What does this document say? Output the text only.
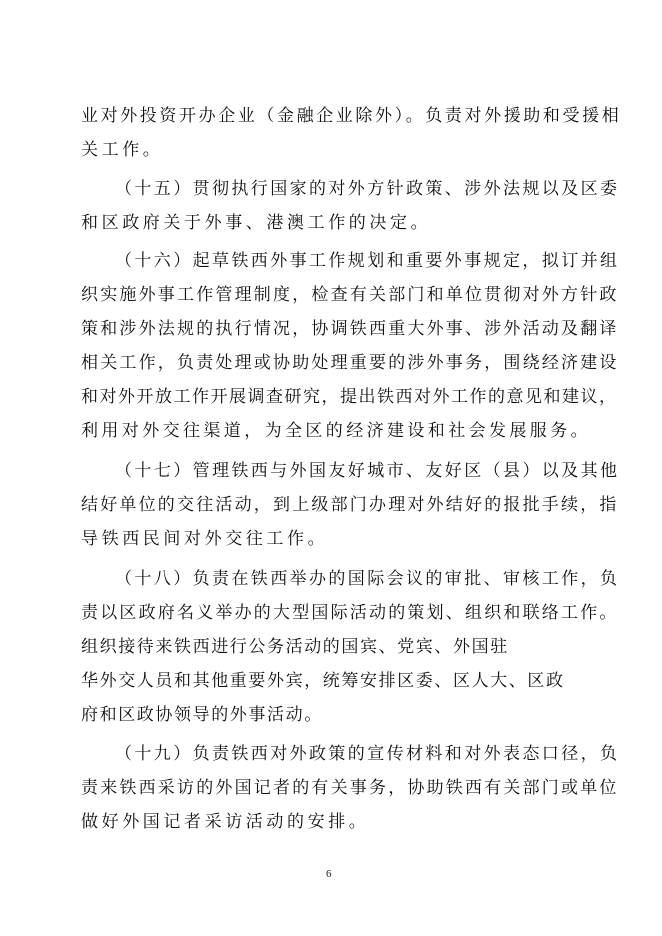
业对外投资开办企业（金融企业除外）。负责对外援助和受援相
关工作。
（十五）贯彻执行国家的对外方针政策、涉外法规以及区委
和区政府关于外事、港澳工作的决定。
（十六）起草铁西外事工作规划和重要外事规定，拟订并组
织实施外事工作管理制度，检查有关部门和单位贯彻对外方针政
策和涉外法规的执行情况，协调铁西重大外事、涉外活动及翻译
相关工作，负责处理或协助处理重要的涉外事务，围绕经济建设
和对外开放工作开展调查研究，提出铁西对外工作的意见和建议，
利用对外交往渠道，为全区的经济建设和社会发展服务。
（十七）管理铁西与外国友好城市、友好区（县）以及其他
结好单位的交往活动，到上级部门办理对外结好的报批手续，指
导铁西民间对外交往工作。
（十八）负责在铁西举办的国际会议的审批、审核工作，负
责以区政府名义举办的大型国际活动的策划、组织和联络工作。
组织接待来铁西进行公务活动的国宾、党宾、外国驻
华外交人员和其他重要外宾，统筹安排区委、区人大、区政
府和区政协领导的外事活动。
（十九）负责铁西对外政策的宣传材料和对外表态口径，负
责来铁西采访的外国记者的有关事务，协助铁西有关部门或单位
做好外国记者采访活动的安排。
6
